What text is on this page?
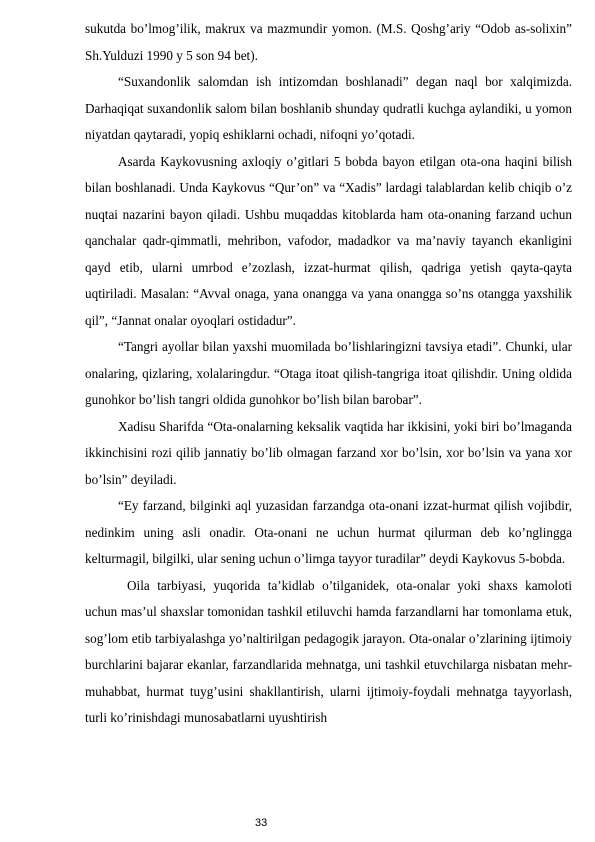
sukutda bo’lmog’ilik, makrux va mazmundir yomon. (M.S. Qoshg’ariy “Odob as-solixin” Sh.Yulduzi 1990 y 5 son 94 bet).

“Suxandonlik salomdan ish intizomdan boshlanadi” degan naql bor xalqimizda. Darhaqiqat suxandonlik salom bilan boshlanib shunday qudratli kuchga aylandiki, u yomon niyatdan qaytaradi, yopiq eshiklarni ochadi, nifoqni yo’qotadi.

Asarda Kaykovusning axloqiy o’gitlari 5 bobda bayon etilgan ota-ona haqini bilish bilan boshlanadi. Unda Kaykovus “Qur’on” va “Xadis” lardagi talablardan kelib chiqib o’z nuqtai nazarini bayon qiladi. Ushbu muqaddas kitoblarda ham ota-onaning farzand uchun qanchalar qadr-qimmatli, mehribon, vafodor, madadkor va ma’naviy tayanch ekanligini qayd etib, ularni umrbod e’zozlash, izzat-hurmat qilish, qadriga yetish qayta-qayta uqtiriladi. Masalan: “Avval onaga, yana onangga va yana onangga so’ns otangga yaxshilik qil”, “Jannat onalar oyoqlari ostidadur”.

“Tangri ayollar bilan yaxshi muomilada bo’lishlaringizni tavsiya etadi”. Chunki, ular onalaring, qizlaring, xolalaringdur. “Otaga itoat qilish-tangriga itoat qilishdir. Uning oldida gunohkor bo’lish tangri oldida gunohkor bo’lish bilan barobar”.

Xadisu Sharifda “Ota-onalarning keksalik vaqtida har ikkisini, yoki biri bo’lmaganda ikkinchisini rozi qilib jannatiy bo’lib olmagan farzand xor bo’lsin, xor bo’lsin va yana xor bo’lsin” deyiladi.

“Ey farzand, bilginki aql yuzasidan farzandga ota-onani izzat-hurmat qilish vojibdir, nedinkim uning asli onadir. Ota-onani ne uchun hurmat qilurman deb ko’nglingga kelturmagil, bilgilki, ular sening uchun o’limga tayyor turadilar” deydi Kaykovus 5-bobda.

Oila tarbiyasi, yuqorida ta’kidlab o’tilganidek, ota-onalar yoki shaxs kamoloti uchun mas’ul shaxslar tomonidan tashkil etiluvchi hamda farzandlarni har tomonlama etuk, sog’lom etib tarbiyalashga yo’naltirilgan pedagogik jarayon. Ota-onalar o’zlarining ijtimoiy burchlarini bajarar ekanlar, farzandlarida mehnatga, uni tashkil etuvchilarga nisbatan mehr-muhabbat, hurmat tuyg’usini shakllantirish, ularni ijtimoiy-foydali mehnatga tayyorlash, turli ko’rinishdagi munosabatlarni uyushtirish

33
